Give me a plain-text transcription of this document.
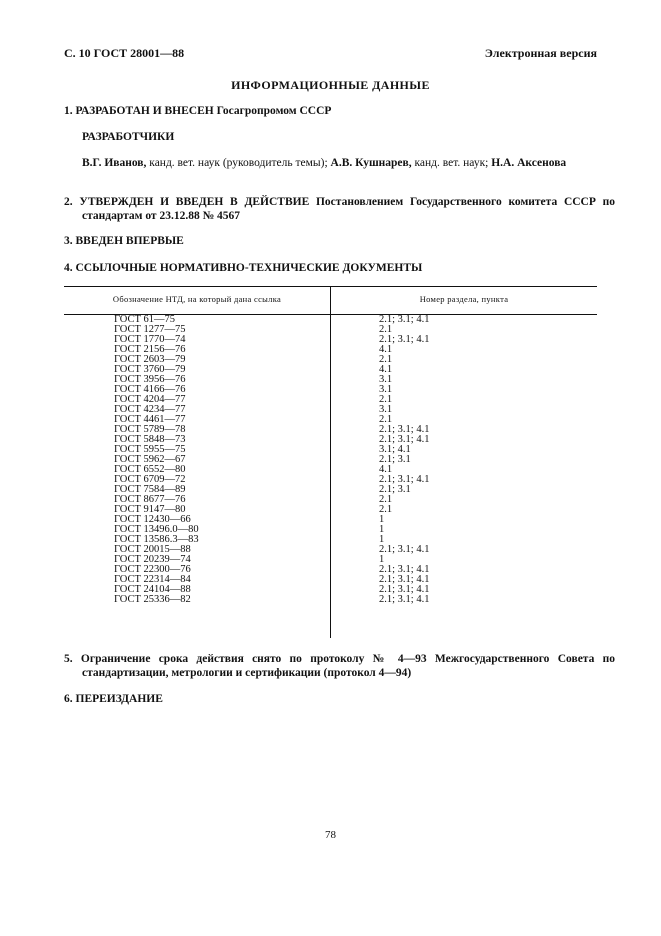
С. 10 ГОСТ 28001—88	Электронная версия
ИНФОРМАЦИОННЫЕ ДАННЫЕ
1. РАЗРАБОТАН И ВНЕСЕН Госагропромом СССР
РАЗРАБОТЧИКИ
В.Г. Иванов, канд. вет. наук (руководитель темы); А.В. Кушнарев, канд. вет. наук; Н.А. Аксенова
2. УТВЕРЖДЕН И ВВЕДЕН В ДЕЙСТВИЕ Постановлением Государственного комитета СССР по стандартам от 23.12.88 № 4567
3. ВВЕДЕН ВПЕРВЫЕ
4. ССЫЛОЧНЫЕ НОРМАТИВНО-ТЕХНИЧЕСКИЕ ДОКУМЕНТЫ
Обозначение НТД, на который дана ссылка	Номер раздела, пункта
ГОСТ 61—75	2.1; 3.1; 4.1
ГОСТ 1277—75	2.1
ГОСТ 1770—74	2.1; 3.1; 4.1
ГОСТ 2156—76	4.1
ГОСТ 2603—79	2.1
ГОСТ 3760—79	4.1
ГОСТ 3956—76	3.1
ГОСТ 4166—76	3.1
ГОСТ 4204—77	2.1
ГОСТ 4234—77	3.1
ГОСТ 4461—77	2.1
ГОСТ 5789—78	2.1; 3.1; 4.1
ГОСТ 5848—73	2.1; 3.1; 4.1
ГОСТ 5955—75	3.1; 4.1
ГОСТ 5962—67	2.1; 3.1
ГОСТ 6552—80	4.1
ГОСТ 6709—72	2.1; 3.1; 4.1
ГОСТ 7584—89	2.1; 3.1
ГОСТ 8677—76	2.1
ГОСТ 9147—80	2.1
ГОСТ 12430—66	1
ГОСТ 13496.0—80	1
ГОСТ 13586.3—83	1
ГОСТ 20015—88	2.1; 3.1; 4.1
ГОСТ 20239—74	1
ГОСТ 22300—76	2.1; 3.1; 4.1
ГОСТ 22314—84	2.1; 3.1; 4.1
ГОСТ 24104—88	2.1; 3.1; 4.1
ГОСТ 25336—82	2.1; 3.1; 4.1
5. Ограничение срока действия снято по протоколу № 4—93 Межгосударственного Совета по стандартизации, метрологии и сертификации (протокол 4—94)
6. ПЕРЕИЗДАНИЕ
78
